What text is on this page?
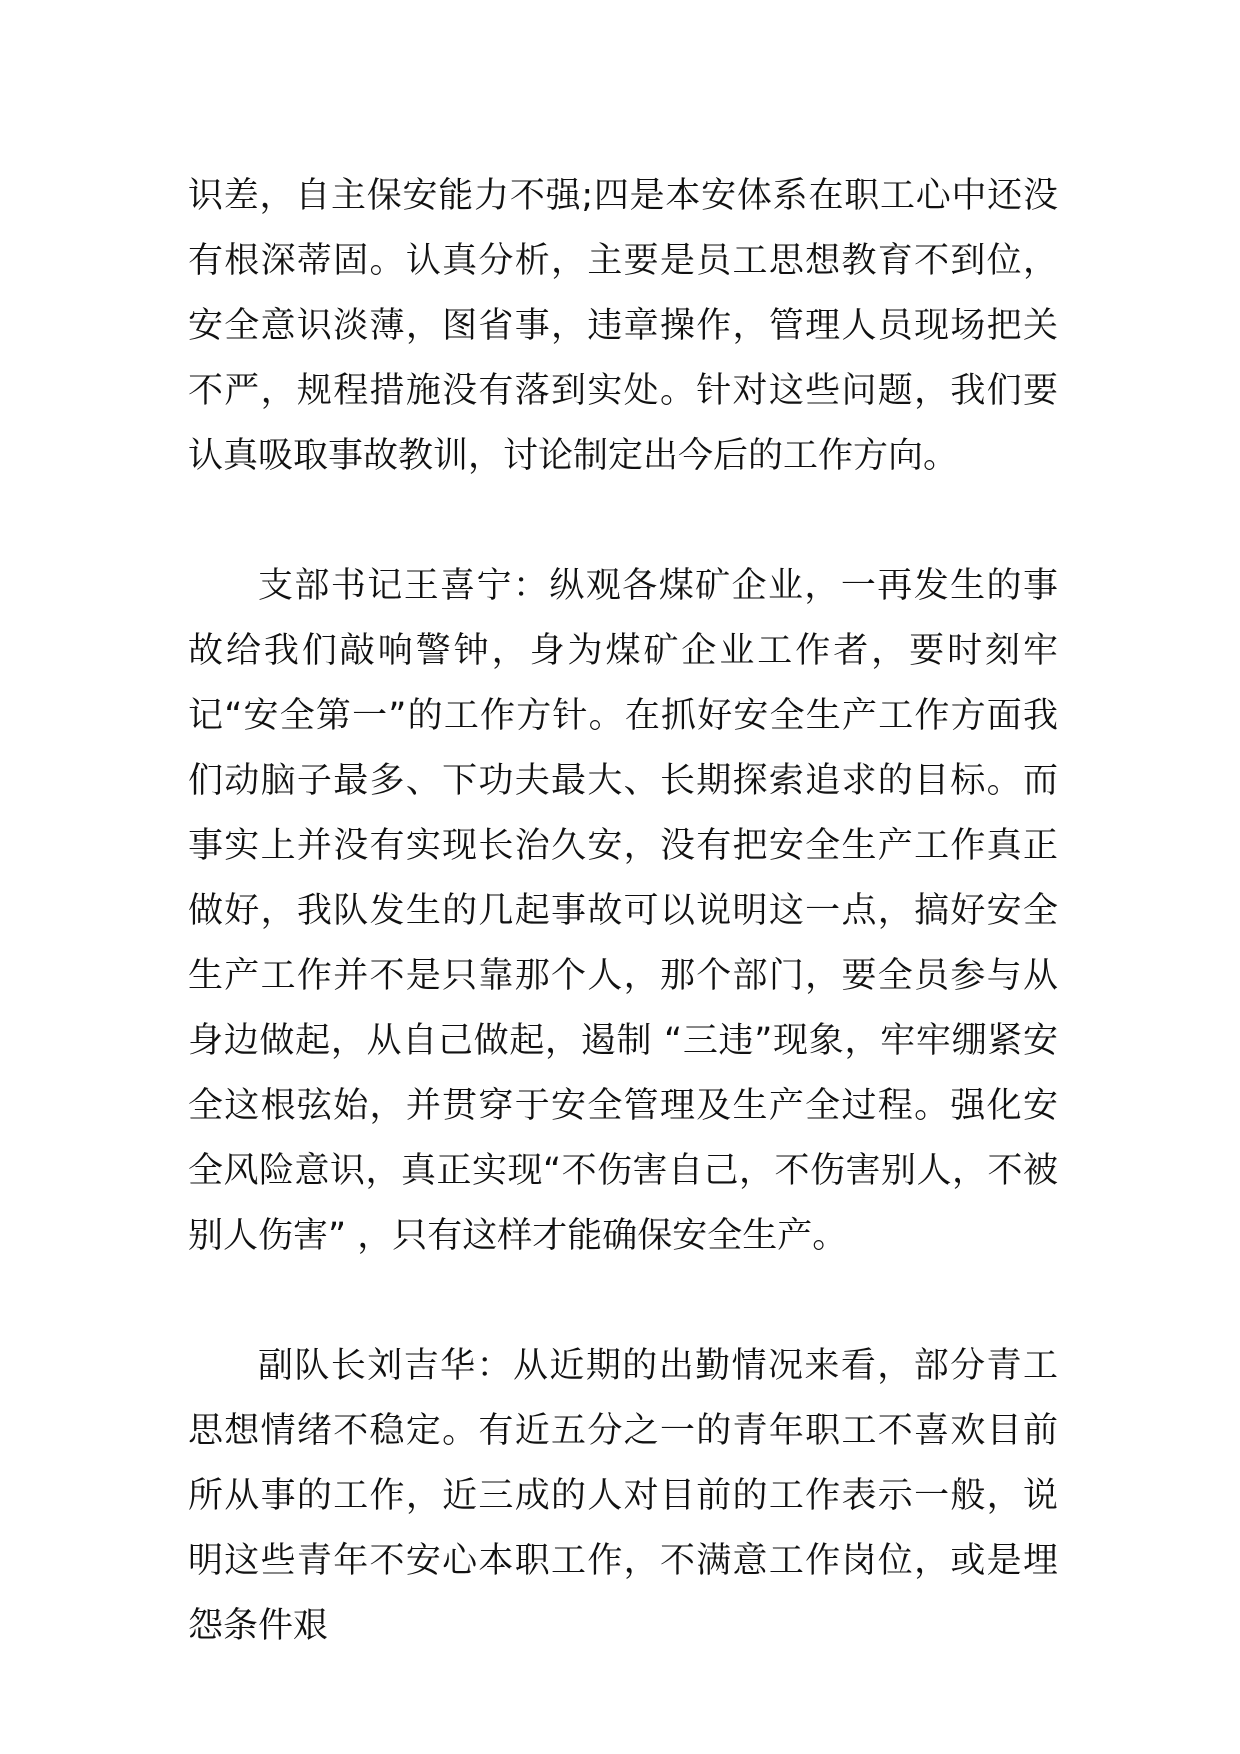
识差，自主保安能力不强;四是本安体系在职工心中还没有根深蒂固。认真分析，主要是员工思想教育不到位，安全意识淡薄，图省事，违章操作，管理人员现场把关不严，规程措施没有落到实处。针对这些问题，我们要认真吸取事故教训，讨论制定出今后的工作方向。

支部书记王喜宁：纵观各煤矿企业，一再发生的事故给我们敲响警钟，身为煤矿企业工作者，要时刻牢记“安全第一”的工作方针。在抓好安全生产工作方面我们动脑子最多、下功夫最大、长期探索追求的目标。而事实上并没有实现长治久安，没有把安全生产工作真正做好，我队发生的几起事故可以说明这一点，搞好安全生产工作并不是只靠那个人，那个部门，要全员参与从身边做起，从自己做起，遏制 “三违”现象，牢牢绷紧安全这根弦始，并贯穿于安全管理及生产全过程。强化安全风险意识，真正实现“不伤害自己，不伤害别人，不被别人伤害” ，只有这样才能确保安全生产。

副队长刘吉华：从近期的出勤情况来看，部分青工思想情绪不稳定。有近五分之一的青年职工不喜欢目前所从事的工作，近三成的人对目前的工作表示一般，说明这些青年不安心本职工作，不满意工作岗位，或是埋怨条件艰
